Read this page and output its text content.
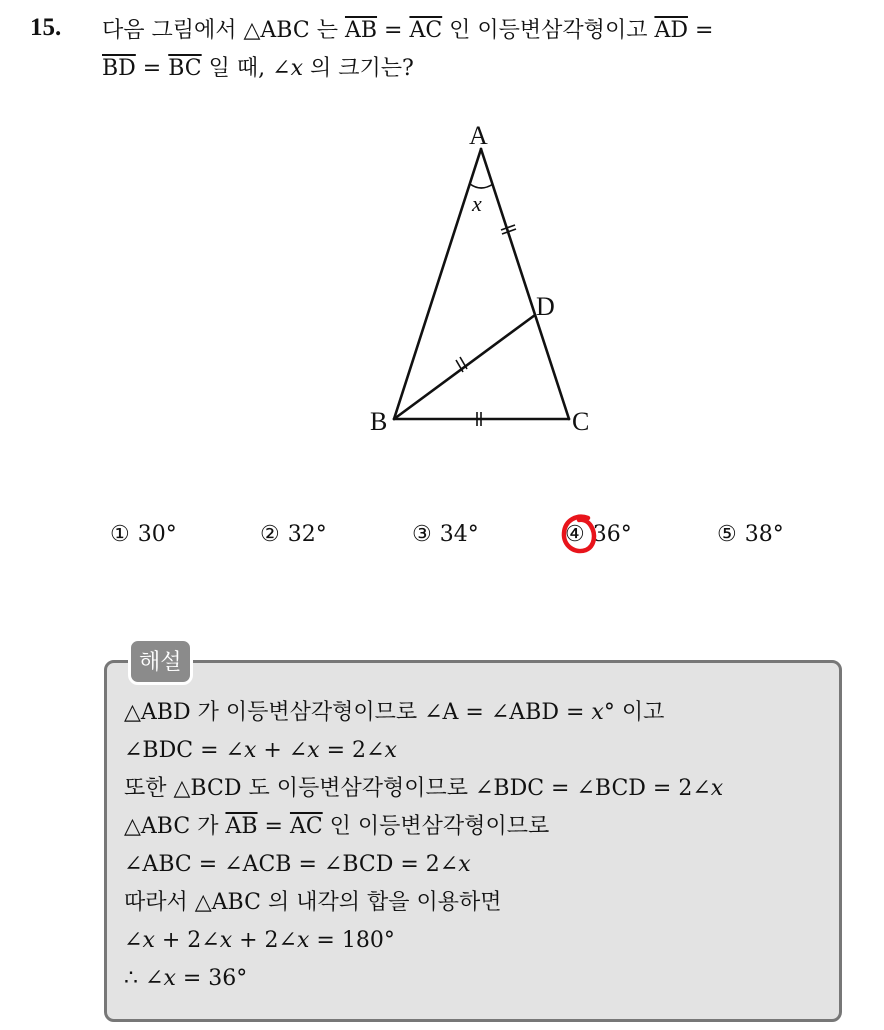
15. 다음 그림에서 △ABC 는 $\overline{AB} = \overline{AC}$ 인 이등변삼각형이고 $\overline{AD}$ =
$\overline{BD} = \overline{BC}$ 일 때, ∠x 의 크기는?
A
B	C
D
x
① 30°	② 32°	③ 34°	④ 36°	⑤ 38°
해설
△ABD 가 이등변삼각형이므로 ∠A = ∠ABD = x° 이고
∠BDC = ∠x + ∠x = 2∠x
또한 △BCD 도 이등변삼각형이므로 ∠BDC = ∠BCD = 2∠x
△ABC 가 $\overline{AB} = \overline{AC}$ 인 이등변삼각형이므로
∠ABC = ∠ACB = ∠BCD = 2∠x
따라서 △ABC 의 내각의 합을 이용하면
∠x + 2∠x + 2∠x = 180°
∴ ∠x = 36°
